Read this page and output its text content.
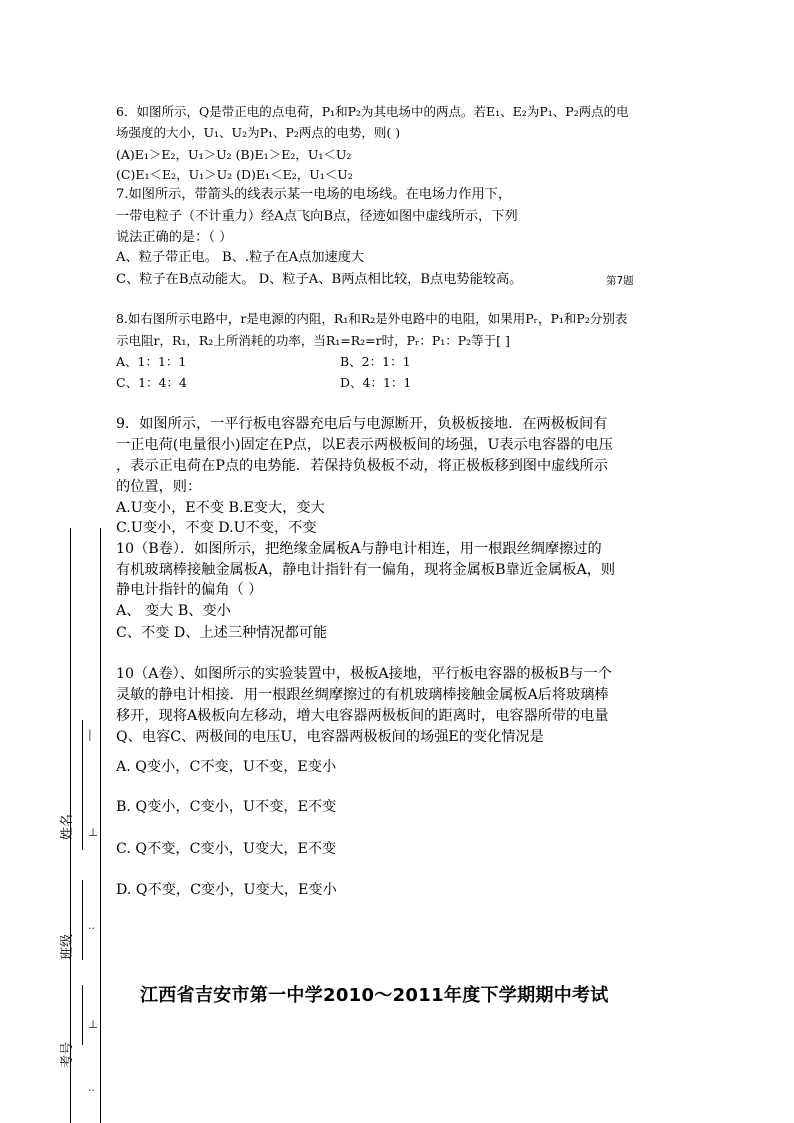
6．如图所示，Q是带正电的点电荷，P₁和P₂为其电场中的两点。若E₁、E₂为P₁、P₂两点的电
场强度的大小，U₁、U₂为P₁、P₂两点的电势，则( )
(A)E₁＞E₂，U₁＞U₂ (B)E₁＞E₂，U₁＜U₂
(C)E₁＜E₂，U₁＞U₂ (D)E₁＜E₂，U₁＜U₂
7.如图所示，带箭头的线表示某一电场的电场线。在电场力作用下，
一带电粒子（不计重力）经A点飞向B点，径迹如图中虚线所示，下列
说法正确的是：（ ）
A、粒子带正电。 B、.粒子在A点加速度大
C、粒子在B点动能大。 D、粒子A、B两点相比较，B点电势能较高。	第7题
8.如右图所示电路中，r是电源的内阻，R₁和R₂是外电路中的电阻，如果用Pᵣ，P₁和P₂分别表
示电阻r，R₁，R₂上所消耗的功率，当R₁=R₂=r时，Pᵣ：P₁：P₂等于[ ]
A、1：1：1	B、2：1：1
C、1：4：4	D、4：1：1
9．如图所示，一平行板电容器充电后与电源断开，负极板接地．在两极板间有
一正电荷(电量很小)固定在P点，以E表示两极板间的场强，U表示电容器的电压
，表示正电荷在P点的电势能．若保持负极板不动，将正极板移到图中虚线所示
的位置，则：
A.U变小，E不变 B.E变大，变大
C.U变小，不变 D.U不变，不变
10（B卷）．如图所示，把绝缘金属板A与静电计相连，用一根跟丝绸摩擦过的
有机玻璃棒接触金属板A，静电计指针有一偏角，现将金属板B靠近金属板A，则
静电计指针的偏角（ ）
A、 变大 B、变小
C、不变 D、上述三种情况都可能
10（A卷）、如图所示的实验装置中，极板A接地，平行板电容器的极板B与一个
灵敏的静电计相接．用一根跟丝绸摩擦过的有机玻璃棒接触金属板A后将玻璃棒
移开，现将A极板向左移动，增大电容器两极板间的距离时，电容器所带的电量
Q、电容C、两极间的电压U，电容器两极板间的场强E的变化情况是
A. Q变小，C不变，U不变，E变小
B. Q变小，C变小，U不变，E不变
C. Q不变，C变小，U变大，E不变
D. Q不变，C变小，U变大，E变小
江西省吉安市第一中学2010～2011年度下学期期中考试
姓名
班级
考号
|
⊥
··
⊥
··
